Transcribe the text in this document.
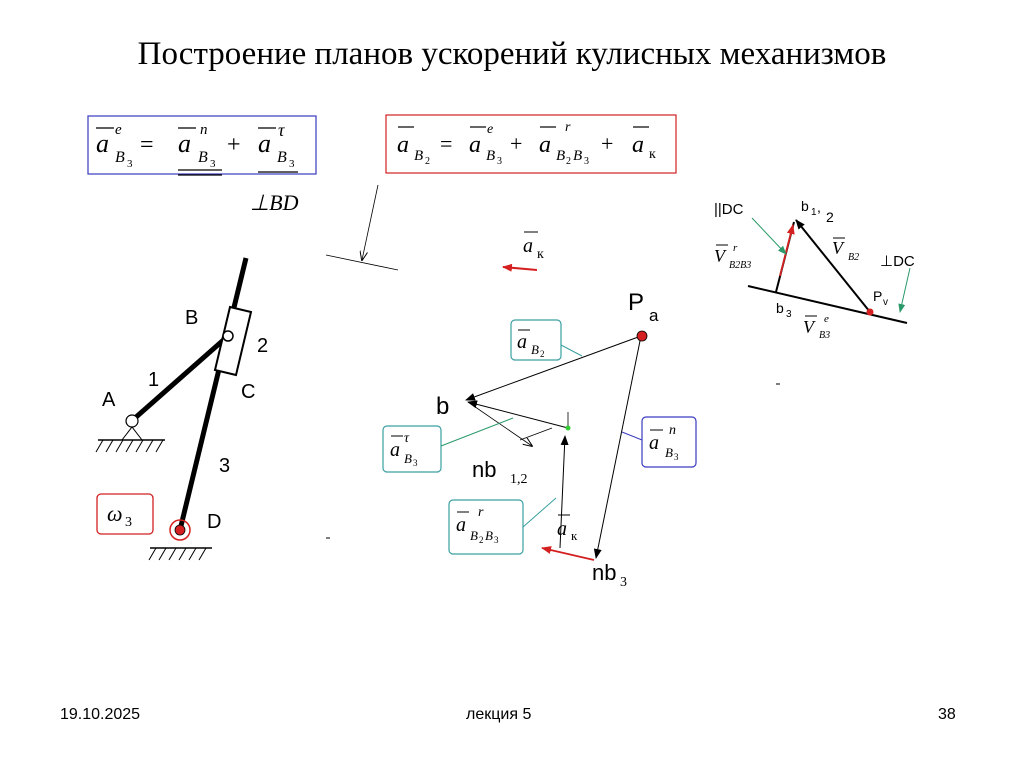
Построение планов ускорений кулисных механизмов
a e
B 3
= a n
B 3
+ a τ
B 3
⊥BD
a B 2
= a
e
B 3
+ a
r
B 2 B 3
+ a к
a к
B
2
1
A	C
3
D
ω 3
P a
b
nb 1,2
nb 3
a к
a B 2
a
τ
B 3
a
n
B 3
a
r
B 2 B 3
||DC
⊥DC
b 1 ,
2
b 3
P v
V r
B2B3
V B2
V e
B3
19.10.2025	лекция 5	38
